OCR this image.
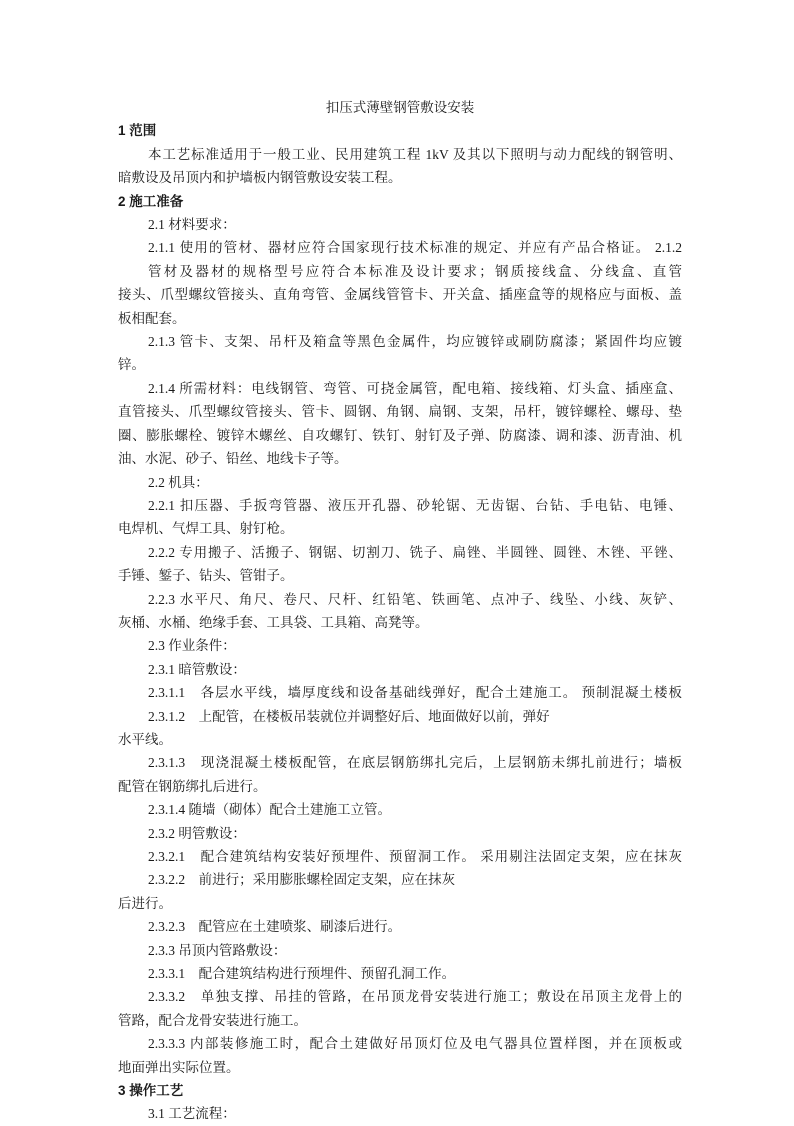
扣压式薄壁钢管敷设安装
1 范围
本工艺标准适用于一般工业、民用建筑工程 1kV 及其以下照明与动力配线的钢管明、
暗敷设及吊顶内和护墙板内钢管敷设安装工程。
2 施工准备
2.1 材料要求：
2.1.1 使用的管材、器材应符合国家现行技术标准的规定、并应有产品合格证。 2.1.2
管材及器材的规格型号应符合本标准及设计要求；钢质接线盒、分线盒、直管
接头、爪型螺纹管接头、直角弯管、金属线管管卡、开关盒、插座盒等的规格应与面板、盖
板相配套。
2.1.3 管卡、支架、吊杆及箱盒等黑色金属件，均应镀锌或刷防腐漆；紧固件均应镀
锌。
2.1.4 所需材料：电线钢管、弯管、可挠金属管，配电箱、接线箱、灯头盒、插座盒、
直管接头、爪型螺纹管接头、管卡、圆钢、角钢、扁钢、支架，吊杆，镀锌螺栓、螺母、垫
圈、膨胀螺栓、镀锌木螺丝、自攻螺钉、铁钉、射钉及子弹、防腐漆、调和漆、沥青油、机
油、水泥、砂子、铅丝、地线卡子等。
2.2 机具：
2.2.1 扣压器、手扳弯管器、液压开孔器、砂轮锯、无齿锯、台钻、手电钻、电锤、
电焊机、气焊工具、射钉枪。
2.2.2 专用搬子、活搬子、钢锯、切割刀、铣子、扁锉、半圆锉、圆锉、木锉、平锉、
手锤、錾子、钻头、管钳子。
2.2.3 水平尺、角尺、卷尺、尺杆、红铅笔、铁画笔、点冲子、线坠、小线、灰铲、
灰桶、水桶、绝缘手套、工具袋、工具箱、高凳等。
2.3 作业条件：
2.3.1 暗管敷设：
2.3.1.1　各层水平线，墙厚度线和设备基础线弹好，配合土建施工。 预制混凝土楼板
2.3.1.2　上配管，在楼板吊装就位并调整好后、地面做好以前，弹好
水平线。
2.3.1.3　现浇混凝土楼板配管，在底层钢筋绑扎完后，上层钢筋未绑扎前进行；墙板
配管在钢筋绑扎后进行。
2.3.1.4 随墙（砌体）配合土建施工立管。
2.3.2 明管敷设：
2.3.2.1　配合建筑结构安装好预埋件、预留洞工作。 采用剔注法固定支架，应在抹灰
2.3.2.2　前进行；采用膨胀螺栓固定支架，应在抹灰
后进行。
2.3.2.3　配管应在土建喷浆、刷漆后进行。
2.3.3 吊顶内管路敷设：
2.3.3.1　配合建筑结构进行预埋件、预留孔洞工作。
2.3.3.2　单独支撑、吊挂的管路，在吊顶龙骨安装进行施工；敷设在吊顶主龙骨上的
管路，配合龙骨安装进行施工。
2.3.3.3 内部装修施工时，配合土建做好吊顶灯位及电气器具位置样图，并在顶板或
地面弹出实际位置。
3 操作工艺
3.1 工艺流程：
